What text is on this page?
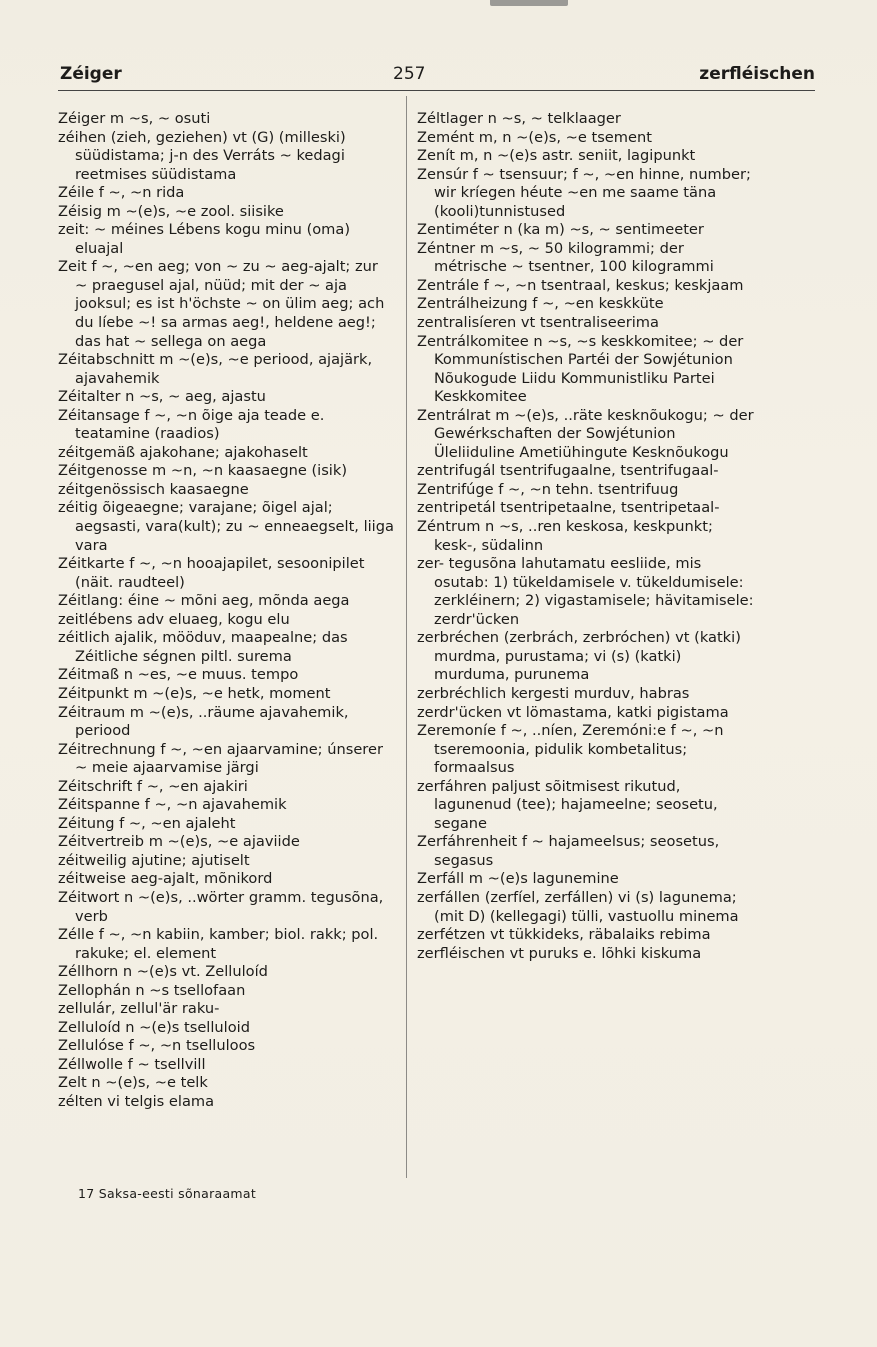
Zéiger	257	zerfléischen
Zéiger m ~s, ~ osuti
zéihen (zieh, geziehen) vt (G) (milleski) süüdistama; j-n des Verráts ~ kedagi reetmises süüdistama
Zéile f ~, ~n rida
Zéisig m ~(e)s, ~e zool. siisike
zeit: ~ méines Lébens kogu minu (oma) eluajal
Zeit f ~, ~en aeg; von ~ zu ~ aeg-ajalt; zur ~ praegusel ajal, nüüd; mit der ~ aja jooksul; es ist h'öchste ~ on ülim aeg; ach du líebe ~! sa armas aeg!, heldene aeg!; das hat ~ sellega on aega
Zéitabschnitt m ~(e)s, ~e periood, ajajärk, ajavahemik
Zéitalter n ~s, ~ aeg, ajastu
Zéitansage f ~, ~n õige aja teade e. teatamine (raadios)
zéitgemäß ajakohane; ajakohaselt
Zéitgenosse m ~n, ~n kaasaegne (isik)
zéitgenössisch kaasaegne
zéitig õigeaegne; varajane; õigel ajal; aegsasti, vara(kult); zu ~ enneaegselt, liiga vara
Zéitkarte f ~, ~n hooajapilet, sesoonipilet (näit. raudteel)
Zéitlang: éine ~ mõni aeg, mõnda aega
zeitlébens adv eluaeg, kogu elu
zéitlich ajalik, mööduv, maapealne; das Zéitliche ségnen piltl. surema
Zéitmaß n ~es, ~e muus. tempo
Zéitpunkt m ~(e)s, ~e hetk, moment
Zéitraum m ~(e)s, ..räume ajavahemik, periood
Zéitrechnung f ~, ~en ajaarvamine; únserer ~ meie ajaarvamise järgi
Zéitschrift f ~, ~en ajakiri
Zéitspanne f ~, ~n ajavahemik
Zéitung f ~, ~en ajaleht
Zéitvertreib m ~(e)s, ~e ajaviide
zéitweilig ajutine; ajutiselt
zéitweise aeg-ajalt, mõnikord
Zéitwort n ~(e)s, ..wörter gramm. tegusõna, verb
Zélle f ~, ~n kabiin, kamber; biol. rakk; pol. rakuke; el. element
Zéllhorn n ~(e)s vt. Zelluloíd
Zellophán n ~s tsellofaan
zellulár, zellul'är raku-
Zelluloíd n ~(e)s tselluloid
Zellulóse f ~, ~n tselluloos
Zéllwolle f ~ tsellvill
Zelt n ~(e)s, ~e telk
zélten vi telgis elama
Zéltlager n ~s, ~ telklaager
Zemént m, n ~(e)s, ~e tsement
Zenít m, n ~(e)s astr. seniit, lagipunkt
Zensúr f ~ tsensuur; f ~, ~en hinne, number; wir kríegen héute ~en me saame täna (kooli)tunnistused
Zentiméter n (ka m) ~s, ~ sentimeeter
Zéntner m ~s, ~ 50 kilogrammi; der métrische ~ tsentner, 100 kilogrammi
Zentrále f ~, ~n tsentraal, keskus; keskjaam
Zentrálheizung f ~, ~en keskküte
zentralisíeren vt tsentraliseerima
Zentrálkomitee n ~s, ~s keskkomitee; ~ der Kommunístischen Partéi der Sowjétunion Nõukogude Liidu Kommunistliku Partei Keskkomitee
Zentrálrat m ~(e)s, ..räte kesknõukogu; ~ der Gewérkschaften der Sowjétunion Üleliiduline Ametiühingute Kesknõukogu
zentrifugál tsentrifugaalne, tsentrifugaal-
Zentrifúge f ~, ~n tehn. tsentrifuug
zentripetál tsentripetaalne, tsentripetaal-
Zéntrum n ~s, ..ren keskosa, keskpunkt; kesk-, südalinn
zer- tegusõna lahutamatu eesliide, mis osutab: 1) tükeldamisele v. tükeldumisele: zerkléinern; 2) vigastamisele; hävitamisele: zerdr'ücken
zerbréchen (zerbrách, zerbróchen) vt (katki) murdma, purustama; vi (s) (katki) murduma, purunema
zerbréchlich kergesti murduv, habras
zerdr'ücken vt lömastama, katki pigistama
Zeremoníe f ~, ..níen, Zeremóni:e f ~, ~n tseremoonia, pidulik kombetalitus; formaalsus
zerfáhren paljust sõitmisest rikutud, lagunenud (tee); hajameelne; seosetu, segane
Zerfáhrenheit f ~ hajameelsus; seosetus, segasus
Zerfáll m ~(e)s lagunemine
zerfállen (zerfíel, zerfállen) vi (s) lagunema; (mit D) (kellegagi) tülli, vastuollu minema
zerfétzen vt tükkideks, räbalaiks rebima
zerfléischen vt puruks e. lõhki kiskuma
17 Saksa-eesti sõnaraamat
